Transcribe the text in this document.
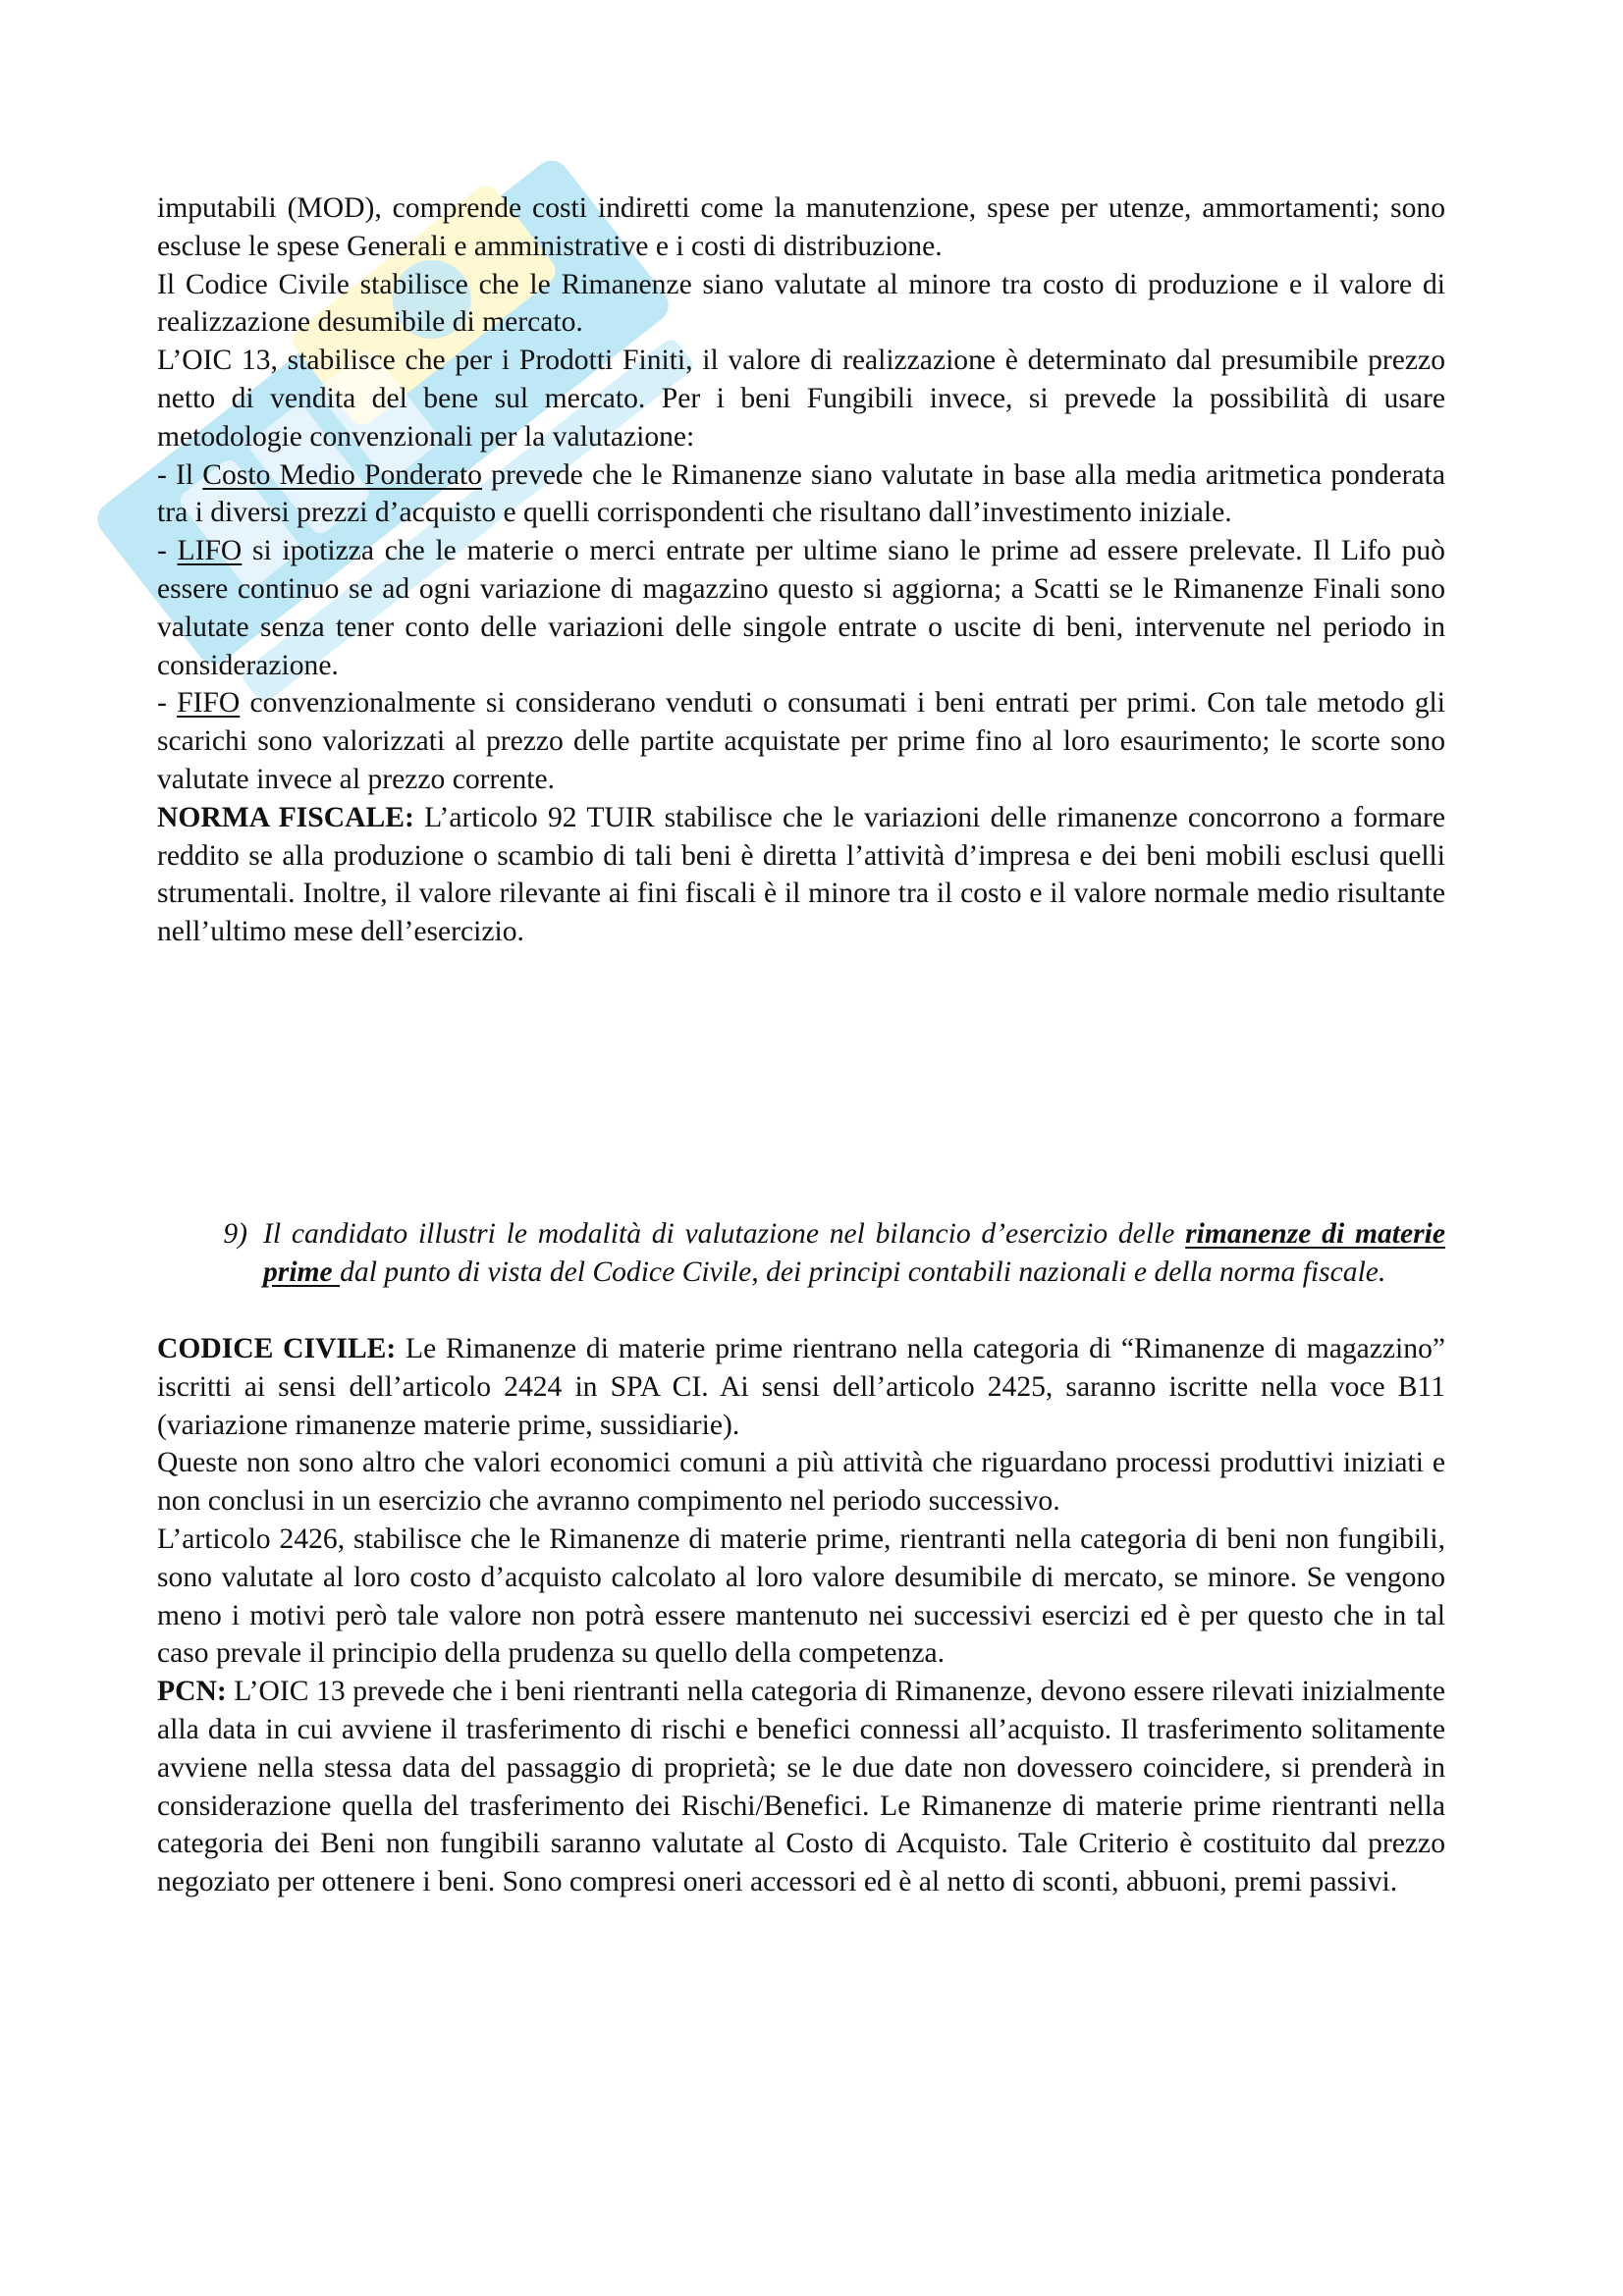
imputabili (MOD), comprende costi indiretti come la manutenzione, spese per utenze, ammortamenti; sono escluse le spese Generali e amministrative e i costi di distribuzione.

Il Codice Civile stabilisce che le Rimanenze siano valutate al minore tra costo di produzione e il valore di realizzazione desumibile di mercato.

L’OIC 13, stabilisce che per i Prodotti Finiti, il valore di realizzazione è determinato dal presumibile prezzo netto di vendita del bene sul mercato. Per i beni Fungibili invece, si prevede la possibilità di usare metodologie convenzionali per la valutazione:

- Il Costo Medio Ponderato prevede che le Rimanenze siano valutate in base alla media aritmetica ponderata tra i diversi prezzi d’acquisto e quelli corrispondenti che risultano dall’investimento iniziale.

- LIFO si ipotizza che le materie o merci entrate per ultime siano le prime ad essere prelevate. Il Lifo può essere continuo se ad ogni variazione di magazzino questo si aggiorna; a Scatti se le Rimanenze Finali sono valutate senza tener conto delle variazioni delle singole entrate o uscite di beni, intervenute nel periodo in considerazione.

- FIFO convenzionalmente si considerano venduti o consumati i beni entrati per primi. Con tale metodo gli scarichi sono valorizzati al prezzo delle partite acquistate per prime fino al loro esaurimento; le scorte sono valutate invece al prezzo corrente.

NORMA FISCALE: L’articolo 92 TUIR stabilisce che le variazioni delle rimanenze concorrono a formare reddito se alla produzione o scambio di tali beni è diretta l’attività d’impresa e dei beni mobili esclusi quelli strumentali. Inoltre, il valore rilevante ai fini fiscali è il minore tra il costo e il valore normale medio risultante nell’ultimo mese dell’esercizio.

9) Il candidato illustri le modalità di valutazione nel bilancio d’esercizio delle rimanenze di materie prime dal punto di vista del Codice Civile, dei principi contabili nazionali e della norma fiscale.

CODICE CIVILE: Le Rimanenze di materie prime rientrano nella categoria di “Rimanenze di magazzino” iscritti ai sensi dell’articolo 2424 in SPA CI. Ai sensi dell’articolo 2425, saranno iscritte nella voce B11 (variazione rimanenze materie prime, sussidiarie).

Queste non sono altro che valori economici comuni a più attività che riguardano processi produttivi iniziati e non conclusi in un esercizio che avranno compimento nel periodo successivo.

L’articolo 2426, stabilisce che le Rimanenze di materie prime, rientranti nella categoria di beni non fungibili, sono valutate al loro costo d’acquisto calcolato al loro valore desumibile di mercato, se minore. Se vengono meno i motivi però tale valore non potrà essere mantenuto nei successivi esercizi ed è per questo che in tal caso prevale il principio della prudenza su quello della competenza.

PCN: L’OIC 13 prevede che i beni rientranti nella categoria di Rimanenze, devono essere rilevati inizialmente alla data in cui avviene il trasferimento di rischi e benefici connessi all’acquisto. Il trasferimento solitamente avviene nella stessa data del passaggio di proprietà; se le due date non dovessero coincidere, si prenderà in considerazione quella del trasferimento dei Rischi/Benefici. Le Rimanenze di materie prime rientranti nella categoria dei Beni non fungibili saranno valutate al Costo di Acquisto. Tale Criterio è costituito dal prezzo negoziato per ottenere i beni. Sono compresi oneri accessori ed è al netto di sconti, abbuoni, premi passivi.
